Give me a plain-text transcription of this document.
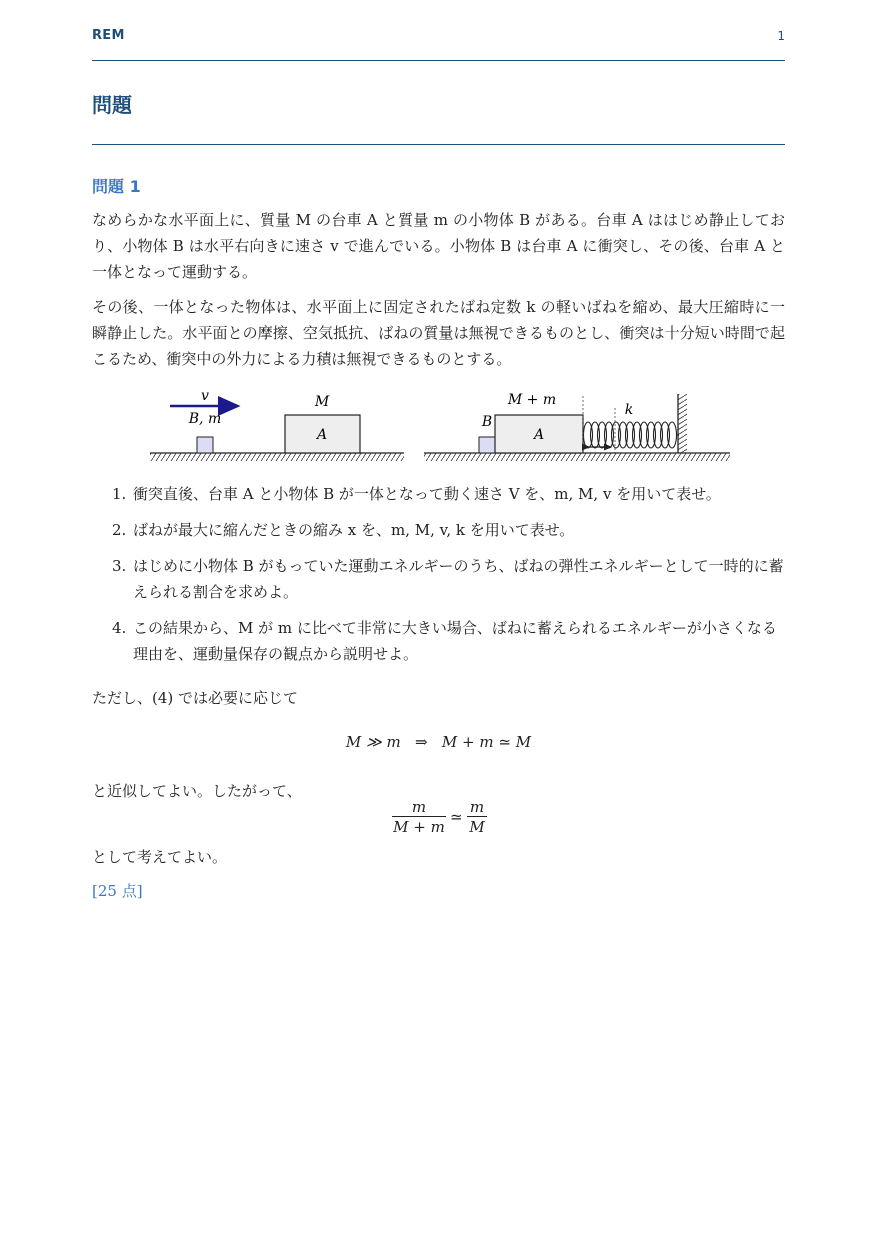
REM	1
問題
問題 1
なめらかな水平面上に、質量 M の台車 A と質量 m の小物体 B がある。台車 A ははじめ静止しており、小物体 B は水平右向きに速さ v で進んでいる。小物体 B は台車 A に衝突し、その後、台車 A と一体となって運動する。
その後、一体となった物体は、水平面上に固定されたばね定数 k の軽いばねを縮め、最大圧縮時に一瞬静止した。水平面との摩擦、空気抵抗、ばねの質量は無視できるものとし、衝突は十分短い時間で起こるため、衝突中の外力による力積は無視できるものとする。
v
B, m
M
A
M + m
B
A
k
1. 衝突直後、台車 A と小物体 B が一体となって動く速さ V を、m, M, v を用いて表せ。
2. ばねが最大に縮んだときの縮み x を、m, M, v, k を用いて表せ。
3. はじめに小物体 B がもっていた運動エネルギーのうち、ばねの弾性エネルギーとして一時的に蓄えられる割合を求めよ。
4. この結果から、M が m に比べて非常に大きい場合、ばねに蓄えられるエネルギーが小さくなる理由を、運動量保存の観点から説明せよ。
ただし、(4) では必要に応じて
M ≫ m   ⇒   M + m ≃ M
と近似してよい。したがって、
$\frac{m}{M + m}$ ≃ $\frac{m}{M}$
として考えてよい。
[25 点]
